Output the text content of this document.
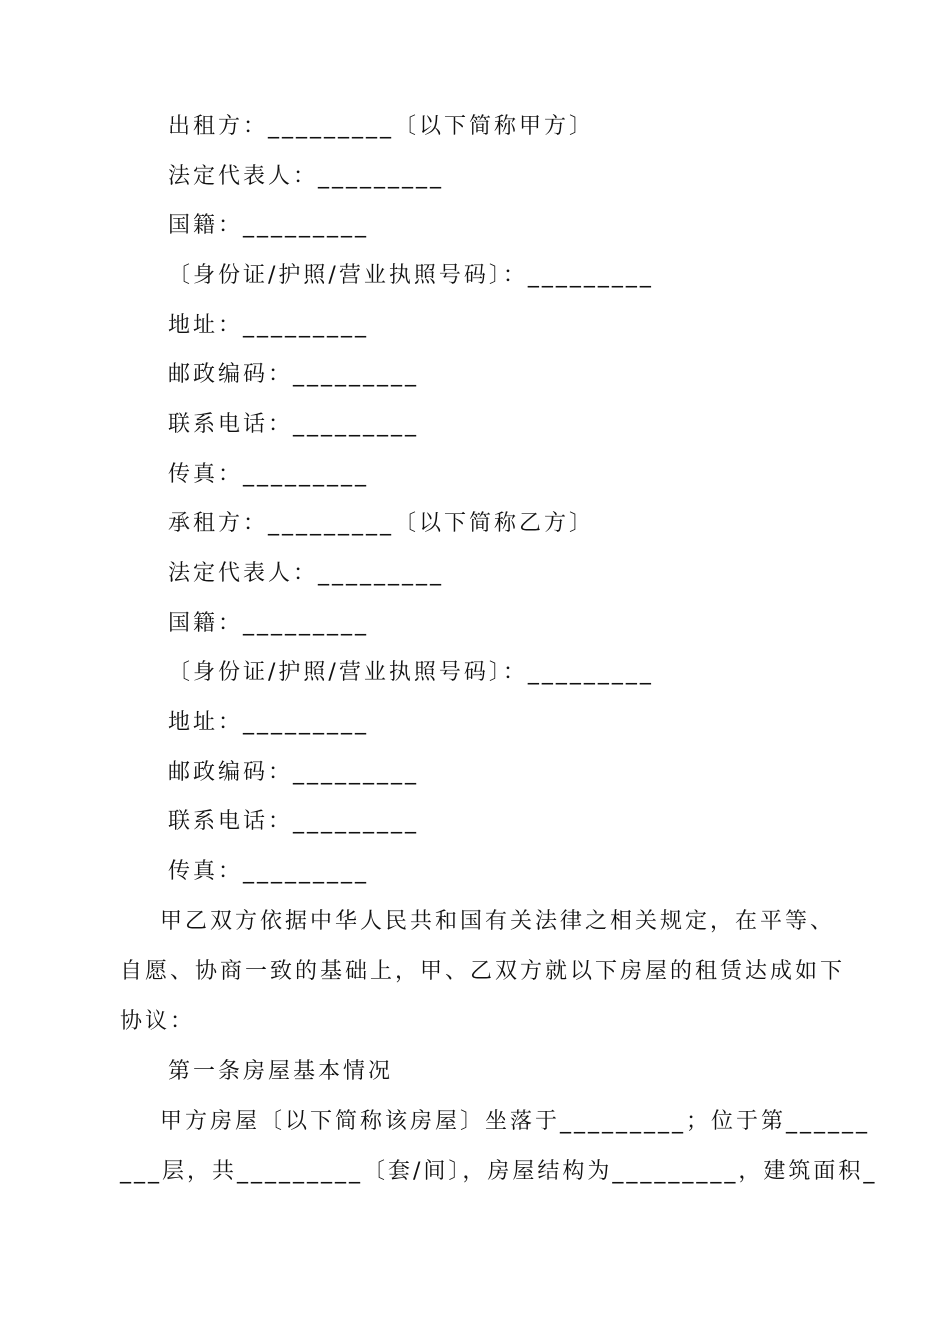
出租方：_________〔以下简称甲方〕
法定代表人：_________
国籍：_________
〔身份证/护照/营业执照号码〕：_________
地址：_________
邮政编码：_________
联系电话：_________
传真：_________
承租方：_________〔以下简称乙方〕
法定代表人：_________
国籍：_________
〔身份证/护照/营业执照号码〕：_________
地址：_________
邮政编码：_________
联系电话：_________
传真：_________
甲乙双方依据中华人民共和国有关法律之相关规定，在平等、
自愿、协商一致的基础上，甲、乙双方就以下房屋的租赁达成如下
协议：
第一条房屋基本情况
甲方房屋〔以下简称该房屋〕坐落于_________；位于第______
___层，共_________〔套/间〕，房屋结构为_________，建筑面积_
